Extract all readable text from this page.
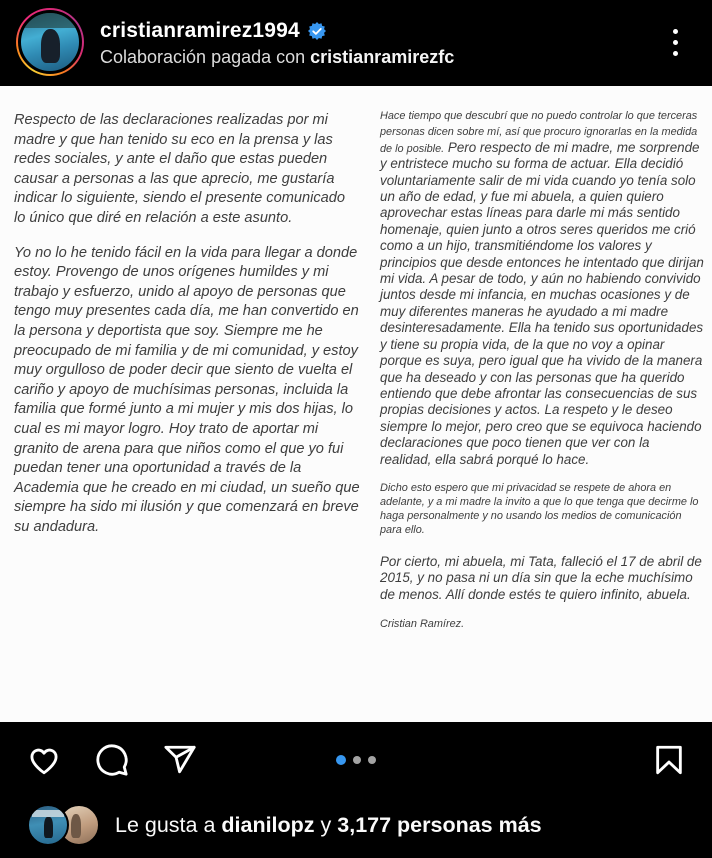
cristianramirez1994
Colaboración pagada con cristianramirezfc

Respecto de las declaraciones realizadas por mi madre y que han tenido su eco en la prensa y las redes sociales, y ante el daño que estas pueden causar a personas a las que aprecio, me gustaría indicar lo siguiente, siendo el presente comunicado lo único que diré en relación a este asunto.

Yo no lo he tenido fácil en la vida para llegar a donde estoy. Provengo de unos orígenes humildes y mi trabajo y esfuerzo, unido al apoyo de personas que tengo muy presentes cada día, me han convertido en la persona y deportista que soy. Siempre me he preocupado de mi familia y de mi comunidad, y estoy muy orgulloso de poder decir que siento de vuelta el cariño y apoyo de muchísimas personas, incluida la familia que formé junto a mi mujer y mis dos hijas, lo cual es mi mayor logro. Hoy trato de aportar mi granito de arena para que niños como el que yo fui puedan tener una oportunidad a través de la Academia que he creado en mi ciudad, un sueño que siempre ha sido mi ilusión y que comenzará en breve su andadura.

Hace tiempo que descubrí que no puedo controlar lo que terceras personas dicen sobre mí, así que procuro ignorarlas en la medida de lo posible. Pero respecto de mi madre, me sorprende y entristece mucho su forma de actuar. Ella decidió voluntariamente salir de mi vida cuando yo tenía solo un año de edad, y fue mi abuela, a quien quiero aprovechar estas líneas para darle mi más sentido homenaje, quien junto a otros seres queridos me crió como a un hijo, transmitiéndome los valores y principios que desde entonces he intentado que dirijan mi vida. A pesar de todo, y aún no habiendo convivido juntos desde mi infancia, en muchas ocasiones y de muy diferentes maneras he ayudado a mi madre desinteresadamente. Ella ha tenido sus oportunidades y tiene su propia vida, de la que no voy a opinar porque es suya, pero igual que ha vivido de la manera que ha deseado y con las personas que ha querido entiendo que debe afrontar las consecuencias de sus propias decisiones y actos. La respeto y le deseo siempre lo mejor, pero creo que se equivoca haciendo declaraciones que poco tienen que ver con la realidad, ella sabrá porqué lo hace.

Dicho esto espero que mi privacidad se respete de ahora en adelante, y a mi madre la invito a que lo que tenga que decirme lo haga personalmente y no usando los medios de comunicación para ello.

Por cierto, mi abuela, mi Tata, falleció el 17 de abril de 2015, y no pasa ni un día sin que la eche muchísimo de menos. Allí donde estés te quiero infinito, abuela.

Cristian Ramírez.

Le gusta a dianilopz y 3,177 personas más
